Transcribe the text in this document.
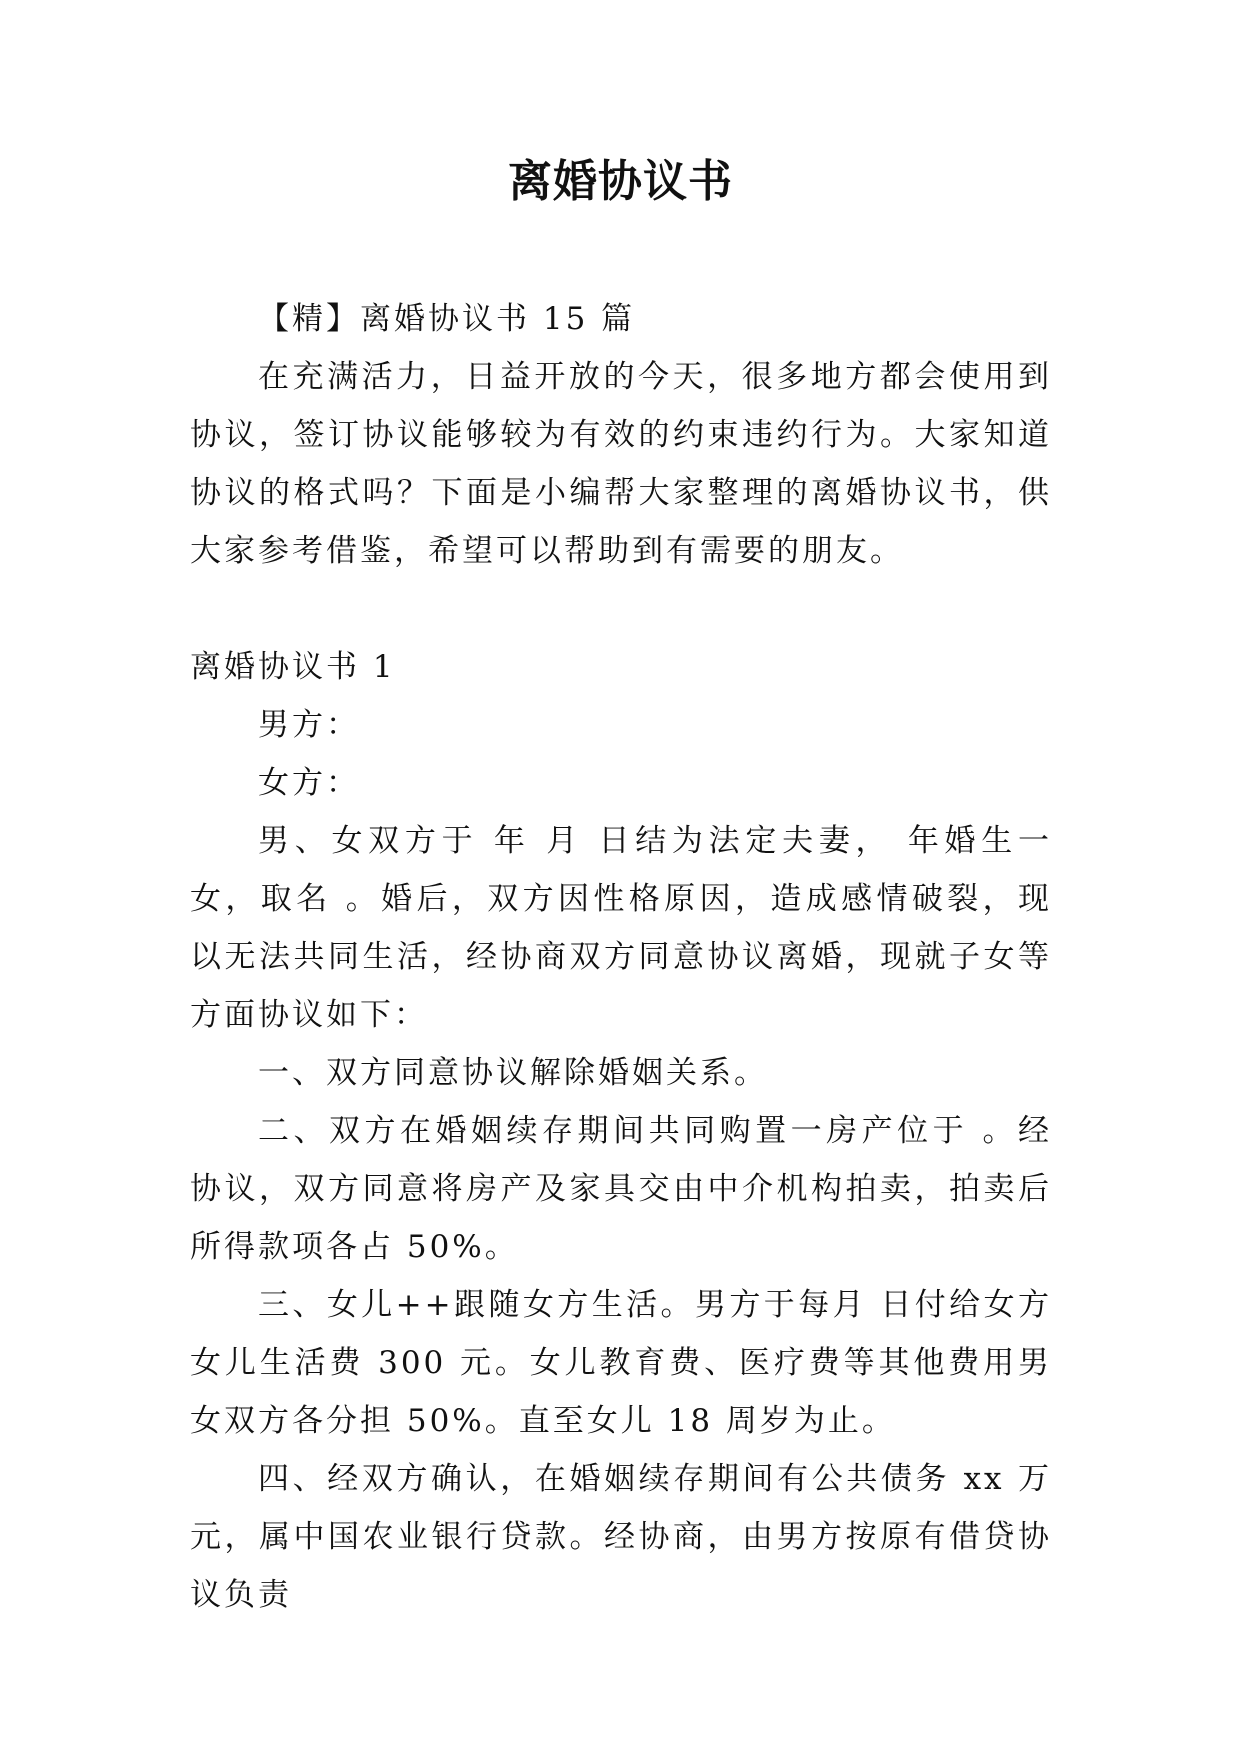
离婚协议书

【精】离婚协议书 15 篇

在充满活力，日益开放的今天，很多地方都会使用到协议，签订协议能够较为有效的约束违约行为。大家知道协议的格式吗？下面是小编帮大家整理的离婚协议书，供大家参考借鉴，希望可以帮助到有需要的朋友。

离婚协议书 1

男方：

女方：

男、女双方于 年 月 日结为法定夫妻， 年婚生一女，取名 。婚后，双方因性格原因，造成感情破裂，现以无法共同生活，经协商双方同意协议离婚，现就子女等方面协议如下：

一、双方同意协议解除婚姻关系。

二、双方在婚姻续存期间共同购置一房产位于 。经协议，双方同意将房产及家具交由中介机构拍卖，拍卖后所得款项各占 50%。

三、女儿++跟随女方生活。男方于每月 日付给女方女儿生活费 300 元。女儿教育费、医疗费等其他费用男女双方各分担 50%。直至女儿 18 周岁为止。

四、经双方确认，在婚姻续存期间有公共债务 xx 万元，属中国农业银行贷款。经协商，由男方按原有借贷协议负责
